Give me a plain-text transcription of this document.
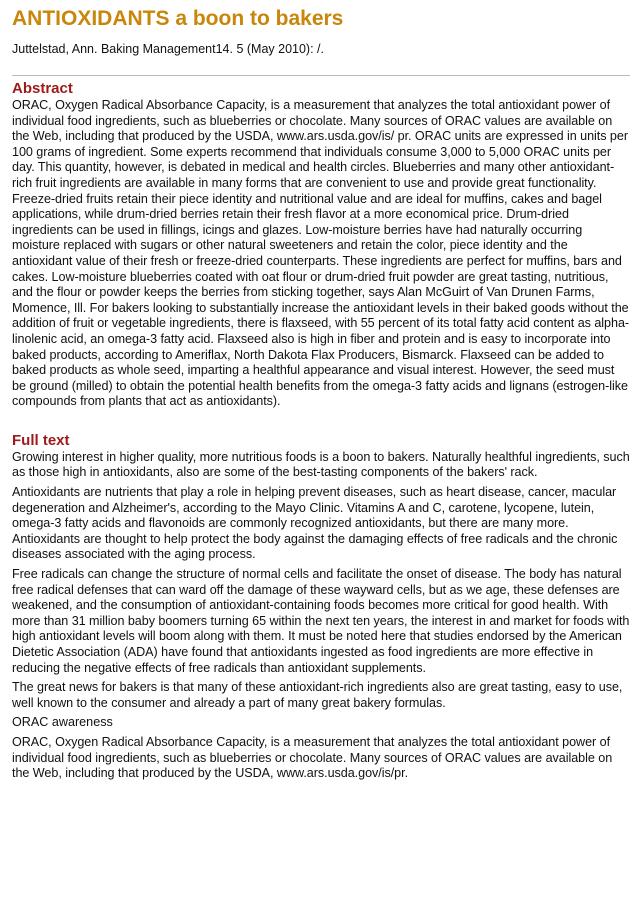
ANTIOXIDANTS a boon to bakers
Juttelstad, Ann. Baking Management14. 5 (May 2010): /.
Abstract

ORAC, Oxygen Radical Absorbance Capacity, is a measurement that analyzes the total antioxidant power of individual food ingredients, such as blueberries or chocolate. Many sources of ORAC values are available on the Web, including that produced by the USDA, www.ars.usda.gov/is/ pr. ORAC units are expressed in units per 100 grams of ingredient. Some experts recommend that individuals consume 3,000 to 5,000 ORAC units per day. This quantity, however, is debated in medical and health circles. Blueberries and many other antioxidant-rich fruit ingredients are available in many forms that are convenient to use and provide great functionality. Freeze-dried fruits retain their piece identity and nutritional value and are ideal for muffins, cakes and bagel applications, while drum-dried berries retain their fresh flavor at a more economical price. Drum-dried ingredients can be used in fillings, icings and glazes. Low-moisture berries have had naturally occurring moisture replaced with sugars or other natural sweeteners and retain the color, piece identity and the antioxidant value of their fresh or freeze-dried counterparts. These ingredients are perfect for muffins, bars and cakes. Low-moisture blueberries coated with oat flour or drum-dried fruit powder are great tasting, nutritious, and the flour or powder keeps the berries from sticking together, says Alan McGuirt of Van Drunen Farms, Momence, Ill. For bakers looking to substantially increase the antioxidant levels in their baked goods without the addition of fruit or vegetable ingredients, there is flaxseed, with 55 percent of its total fatty acid content as alpha-linolenic acid, an omega-3 fatty acid. Flaxseed also is high in fiber and protein and is easy to incorporate into baked products, according to Ameriflax, North Dakota Flax Producers, Bismarck. Flaxseed can be added to baked products as whole seed, imparting a healthful appearance and visual interest. However, the seed must be ground (milled) to obtain the potential health benefits from the omega-3 fatty acids and lignans (estrogen-like compounds from plants that act as antioxidants).

Full text

Growing interest in higher quality, more nutritious foods is a boon to bakers. Naturally healthful ingredients, such as those high in antioxidants, also are some of the best-tasting components of the bakers' rack.

Antioxidants are nutrients that play a role in helping prevent diseases, such as heart disease, cancer, macular degeneration and Alzheimer's, according to the Mayo Clinic. Vitamins A and C, carotene, lycopene, lutein, omega-3 fatty acids and flavonoids are commonly recognized antioxidants, but there are many more. Antioxidants are thought to help protect the body against the damaging effects of free radicals and the chronic diseases associated with the aging process.

Free radicals can change the structure of normal cells and facilitate the onset of disease. The body has natural free radical defenses that can ward off the damage of these wayward cells, but as we age, these defenses are weakened, and the consumption of antioxidant-containing foods becomes more critical for good health. With more than 31 million baby boomers turning 65 within the next ten years, the interest in and market for foods with high antioxidant levels will boom along with them. It must be noted here that studies endorsed by the American Dietetic Association (ADA) have found that antioxidants ingested as food ingredients are more effective in reducing the negative effects of free radicals than antioxidant supplements.

The great news for bakers is that many of these antioxidant-rich ingredients also are great tasting, easy to use, well known to the consumer and already a part of many great bakery formulas.

ORAC awareness

ORAC, Oxygen Radical Absorbance Capacity, is a measurement that analyzes the total antioxidant power of individual food ingredients, such as blueberries or chocolate. Many sources of ORAC values are available on the Web, including that produced by the USDA, www.ars.usda.gov/is/pr.
